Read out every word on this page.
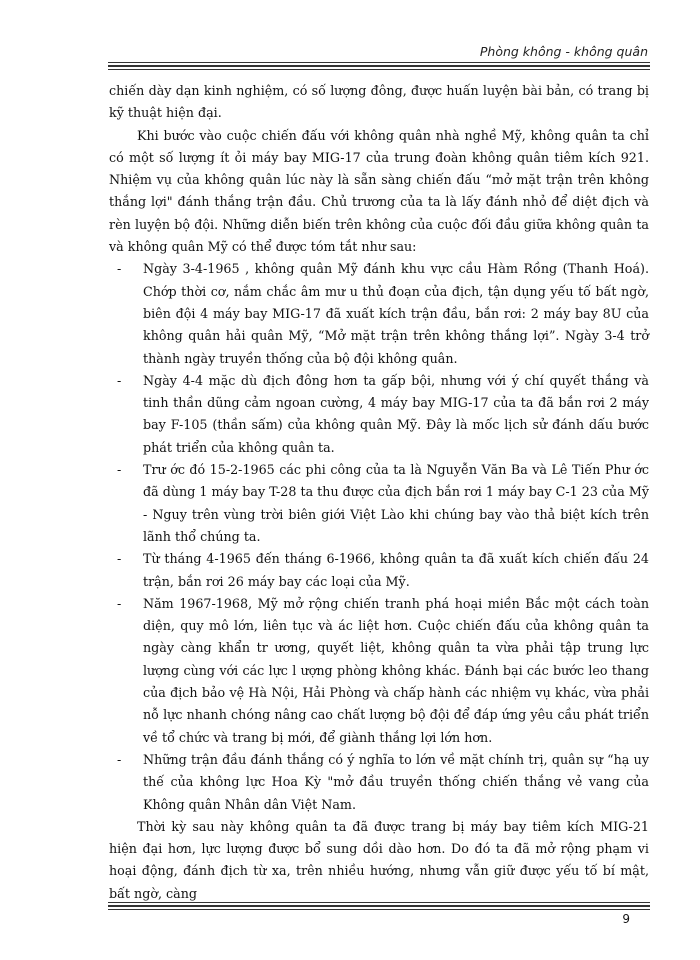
Phòng không - không quân

chiến dày dạn kinh nghiệm, có số lượng đông, được huấn luyện bài bản, có trang bị kỹ thuật hiện đại.

Khi bước vào cuộc chiến đấu với không quân nhà nghề Mỹ, không quân ta chỉ có một số lượng ít ỏi máy bay MIG-17 của trung đoàn không quân tiêm kích 921. Nhiệm vụ của không quân lúc này là sẵn sàng chiến đấu “mở mặt trận trên không thắng lợi" đánh thắng trận đầu. Chủ trương của ta là lấy đánh nhỏ để diệt địch và rèn luyện bộ đội. Những diễn biến trên không của cuộc đối đầu giữa không quân ta và không quân Mỹ có thể được tóm tắt như sau:

- Ngày 3-4-1965 , không quân Mỹ đánh khu vực cầu Hàm Rồng (Thanh Hoá). Chớp thời cơ, nắm chắc âm mư u thủ đoạn của địch, tận dụng yếu tố bất ngờ, biên đội 4 máy bay MIG-17 đã xuất kích trận đầu, bắn rơi: 2 máy bay 8U của không quân hải quân Mỹ, “Mở mặt trận trên không thắng lợi”. Ngày 3-4 trở thành ngày truyền thống của bộ đội không quân.
- Ngày 4-4 mặc dù địch đông hơn ta gấp bội, nhưng với ý chí quyết thắng và tinh thần dũng cảm ngoan cường, 4 máy bay MIG-17 của ta đã bắn rơi 2 máy bay F-105 (thần sấm) của không quân Mỹ. Đây là mốc lịch sử đánh dấu bước phát triển của không quân ta.
- Trư ớc đó 15-2-1965 các phi công của ta là Nguyễn Văn Ba và Lê Tiến Phư ớc đã dùng 1 máy bay T-28 ta thu được của địch bắn rơi 1 máy bay C-1 23 của Mỹ - Nguy trên vùng trời biên giới Việt Lào khi chúng bay vào thả biệt kích trên lãnh thổ chúng ta.
- Từ tháng 4-1965 đến tháng 6-1966, không quân ta đã xuất kích chiến đấu 24 trận, bắn rơi 26 máy bay các loại của Mỹ.
- Năm 1967-1968, Mỹ mở rộng chiến tranh phá hoại miền Bắc một cách toàn diện, quy mô lớn, liên tục và ác liệt hơn. Cuộc chiến đấu của không quân ta ngày càng khẩn tr ương, quyết liệt, không quân ta vừa phải tập trung lực lượng cùng với các lực l ượng phòng không khác. Đánh bại các bước leo thang của địch bảo vệ Hà Nội, Hải Phòng và chấp hành các nhiệm vụ khác, vừa phải nỗ lực nhanh chóng nâng cao chất lượng bộ đội để đáp ứng yêu cầu phát triển về tổ chức và trang bị mới, để giành thắng lợi lớn hơn.
- Những trận đầu đánh thắng có ý nghĩa to lớn về mặt chính trị, quân sự “hạ uy thế của không lực Hoa Kỳ "mở đầu truyền thống chiến thắng vẻ vang của Không quân Nhân dân Việt Nam.

Thời kỳ sau này không quân ta đã được trang bị máy bay tiêm kích MIG-21 hiện đại hơn, lực lượng được bổ sung dồi dào hơn. Do đó ta đã mở rộng phạm vi hoại động, đánh địch từ xa, trên nhiều hướng, nhưng vẫn giữ được yếu tố bí mật, bất ngờ, càng

9
